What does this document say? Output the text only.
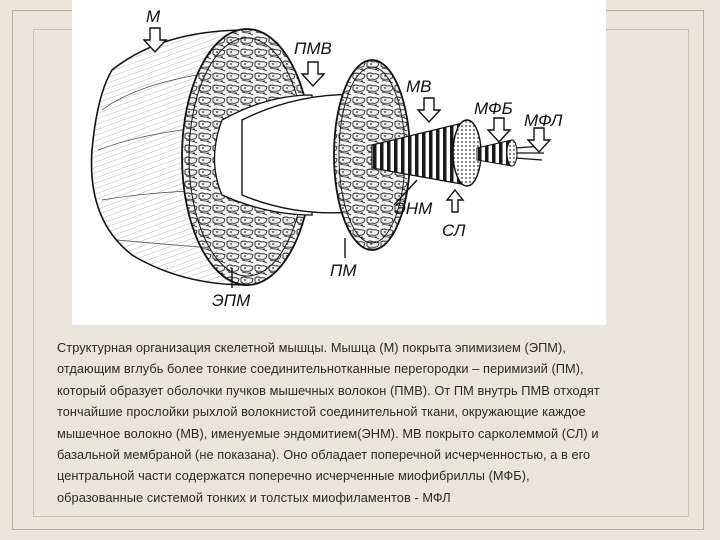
М
ПМВ
МВ
МФБ
МФЛ
ЭНМ
СЛ
ПМ
ЭПМ
Структурная организация скелетной мышцы. Мышца (М) покрыта эпимизием (ЭПМ),
отдающим вглубь более тонкие соединительнотканные перегородки – перимизий (ПМ),
который образует оболочки пучков мышечных волокон (ПМВ). От ПМ внутрь ПМВ отходят
тончайшие прослойки рыхлой волокнистой соединительной ткани, окружающие каждое
мышечное волокно (МВ), именуемые эндомитием(ЭНМ). МВ покрыто сарколеммой (СЛ) и
базальной мембраной (не показана). Оно обладает поперечной исчерченностью, а в его
центральной части содержатся поперечно исчерченные миофибриллы (МФБ),
образованные системой тонких и толстых миофиламентов - МФЛ
